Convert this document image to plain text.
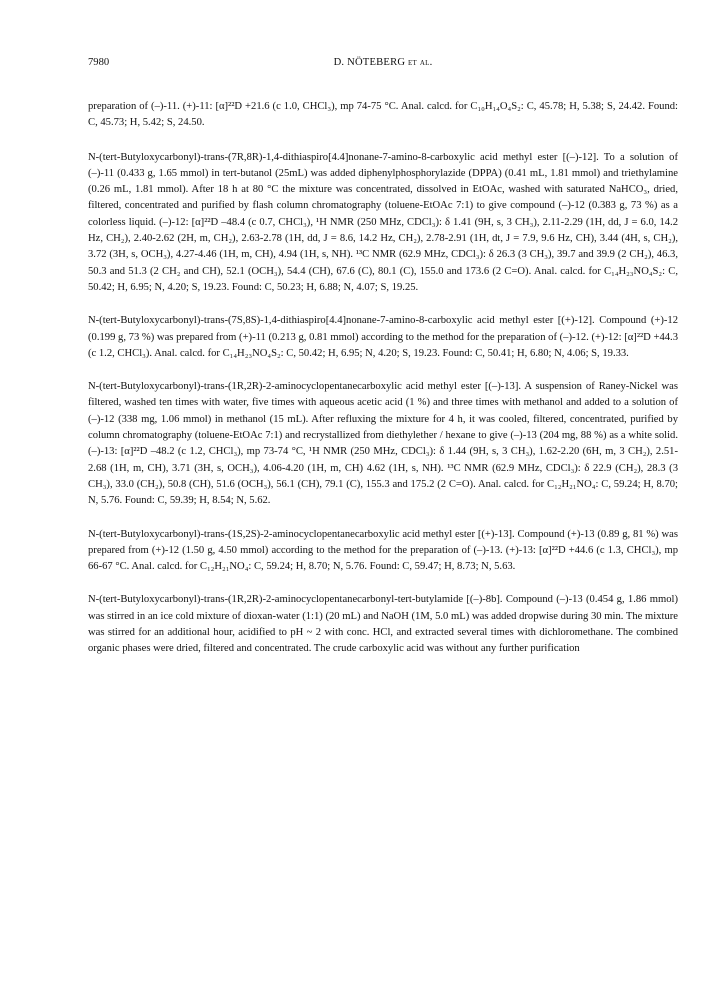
7980	D. NÖTEBERG et al.

preparation of (–)-11. (+)-11: [α]²²D +21.6 (c 1.0, CHCl₃), mp 74-75 °C. Anal. calcd. for C₁₀H₁₄O₄S₂: C, 45.78; H, 5.38; S, 24.42. Found: C, 45.73; H, 5.42; S, 24.50.

N-(tert-Butyloxycarbonyl)-trans-(7R,8R)-1,4-dithiaspiro[4.4]nonane-7-amino-8-carboxylic acid methyl ester [(–)-12]. To a solution of (–)-11 (0.433 g, 1.65 mmol) in tert-butanol (25mL) was added diphenylphosphorylazide (DPPA) (0.41 mL, 1.81 mmol) and triethylamine (0.26 mL, 1.81 mmol). After 18 h at 80 °C the mixture was concentrated, dissolved in EtOAc, washed with saturated NaHCO₃, dried, filtered, concentrated and purified by flash column chromatography (toluene-EtOAc 7:1) to give compound (–)-12 (0.383 g, 73 %) as a colorless liquid. (–)-12: [α]²²D –48.4 (c 0.7, CHCl₃), ¹H NMR (250 MHz, CDCl₃): δ 1.41 (9H, s, 3 CH₃), 2.11-2.29 (1H, dd, J = 6.0, 14.2 Hz, CH₂), 2.40-2.62 (2H, m, CH₂), 2.63-2.78 (1H, dd, J = 8.6, 14.2 Hz, CH₂), 2.78-2.91 (1H, dt, J = 7.9, 9.6 Hz, CH), 3.44 (4H, s, CH₂), 3.72 (3H, s, OCH₃), 4.27-4.46 (1H, m, CH), 4.94 (1H, s, NH). ¹³C NMR (62.9 MHz, CDCl₃): δ 26.3 (3 CH₃), 39.7 and 39.9 (2 CH₂), 46.3, 50.3 and 51.3 (2 CH₂ and CH), 52.1 (OCH₃), 54.4 (CH), 67.6 (C), 80.1 (C), 155.0 and 173.6 (2 C=O). Anal. calcd. for C₁₄H₂₃NO₄S₂: C, 50.42; H, 6.95; N, 4.20; S, 19.23. Found: C, 50.23; H, 6.88; N, 4.07; S, 19.25.

N-(tert-Butyloxycarbonyl)-trans-(7S,8S)-1,4-dithiaspiro[4.4]nonane-7-amino-8-carboxylic acid methyl ester [(+)-12]. Compound (+)-12 (0.199 g, 73 %) was prepared from (+)-11 (0.213 g, 0.81 mmol) according to the method for the preparation of (–)-12. (+)-12: [α]²²D +44.3 (c 1.2, CHCl₃). Anal. calcd. for C₁₄H₂₃NO₄S₂: C, 50.42; H, 6.95; N, 4.20; S, 19.23. Found: C, 50.41; H, 6.80; N, 4.06; S, 19.33.

N-(tert-Butyloxycarbonyl)-trans-(1R,2R)-2-aminocyclopentanecarboxylic acid methyl ester [(–)-13]. A suspension of Raney-Nickel was filtered, washed ten times with water, five times with aqueous acetic acid (1 %) and three times with methanol and added to a solution of (–)-12 (338 mg, 1.06 mmol) in methanol (15 mL). After refluxing the mixture for 4 h, it was cooled, filtered, concentrated, purified by column chromatography (toluene-EtOAc 7:1) and recrystallized from diethylether / hexane to give (–)-13 (204 mg, 88 %) as a white solid. (–)-13: [α]²²D –48.2 (c 1.2, CHCl₃), mp 73-74 °C, ¹H NMR (250 MHz, CDCl₃): δ 1.44 (9H, s, 3 CH₃), 1.62-2.20 (6H, m, 3 CH₂), 2.51-2.68 (1H, m, CH), 3.71 (3H, s, OCH₃), 4.06-4.20 (1H, m, CH) 4.62 (1H, s, NH). ¹³C NMR (62.9 MHz, CDCl₃): δ 22.9 (CH₂), 28.3 (3 CH₃), 33.0 (CH₂), 50.8 (CH), 51.6 (OCH₃), 56.1 (CH), 79.1 (C), 155.3 and 175.2 (2 C=O). Anal. calcd. for C₁₂H₂₁NO₄: C, 59.24; H, 8.70; N, 5.76. Found: C, 59.39; H, 8.54; N, 5.62.

N-(tert-Butyloxycarbonyl)-trans-(1S,2S)-2-aminocyclopentanecarboxylic acid methyl ester [(+)-13]. Compound (+)-13 (0.89 g, 81 %) was prepared from (+)-12 (1.50 g, 4.50 mmol) according to the method for the preparation of (–)-13. (+)-13: [α]²²D +44.6 (c 1.3, CHCl₃), mp 66-67 °C. Anal. calcd. for C₁₂H₂₁NO₄: C, 59.24; H, 8.70; N, 5.76. Found: C, 59.47; H, 8.73; N, 5.63.

N-(tert-Butyloxycarbonyl)-trans-(1R,2R)-2-aminocyclopentanecarbonyl-tert-butylamide [(–)-8b]. Compound (–)-13 (0.454 g, 1.86 mmol) was stirred in an ice cold mixture of dioxan-water (1:1) (20 mL) and NaOH (1M, 5.0 mL) was added dropwise during 30 min. The mixture was stirred for an additional hour, acidified to pH ~ 2 with conc. HCl, and extracted several times with dichloromethane. The combined organic phases were dried, filtered and concentrated. The crude carboxylic acid was without any further purification
